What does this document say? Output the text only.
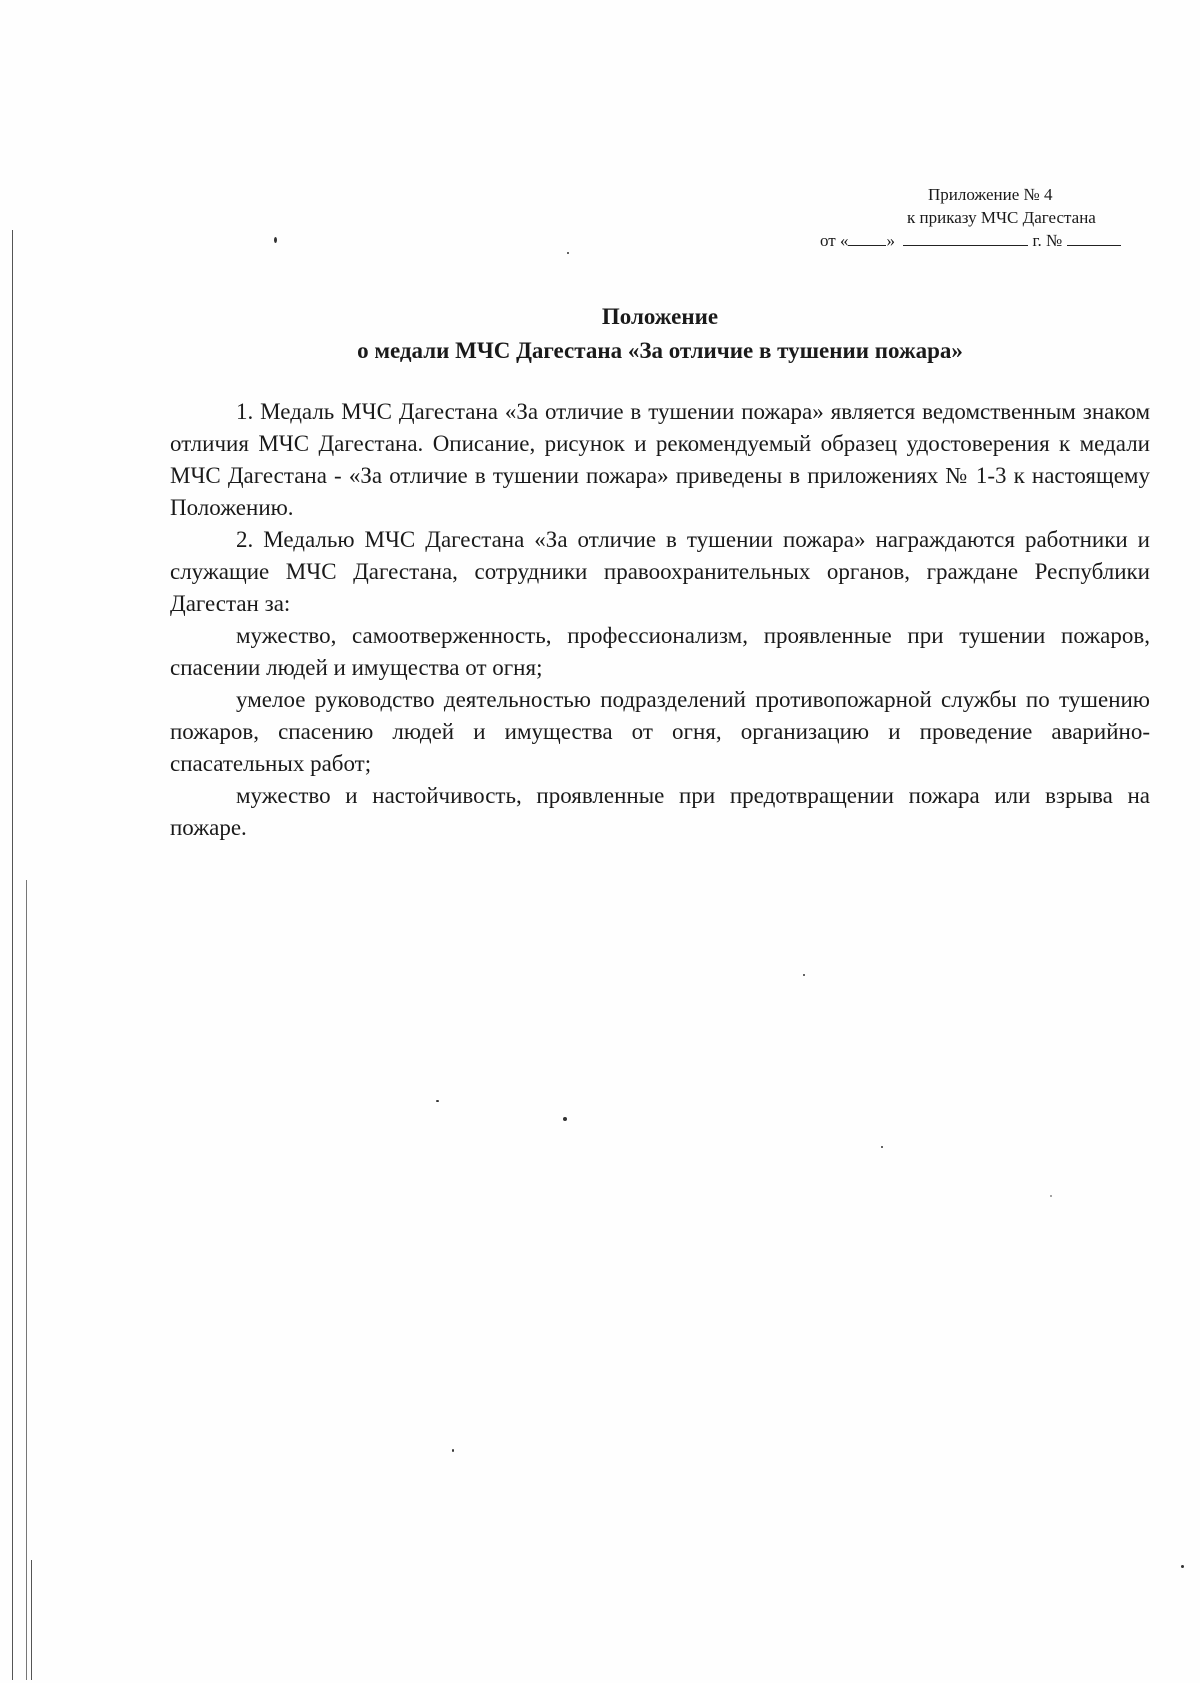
Приложение № 4
к приказу МЧС Дагестана
от « »	г. №
Положение
о медали МЧС Дагестана «За отличие в тушении пожара»

1. Медаль МЧС Дагестана «За отличие в тушении пожара» является ведомственным знаком отличия МЧС Дагестана. Описание, рисунок и рекомендуемый образец удостоверения к медали МЧС Дагестана - «За отличие в тушении пожара» приведены в приложениях № 1-3 к настоящему Положению.

2. Медалью МЧС Дагестана «За отличие в тушении пожара» награждаются работники и служащие МЧС Дагестана, сотрудники правоохранительных органов, граждане Республики Дагестан за:

мужество, самоотверженность, профессионализм, проявленные при тушении пожаров, спасении людей и имущества от огня;

умелое руководство деятельностью подразделений противопожарной службы по тушению пожаров, спасению людей и имущества от огня, организацию и проведение аварийно-спасательных работ;

мужество и настойчивость, проявленные при предотвращении пожара или взрыва на пожаре.
